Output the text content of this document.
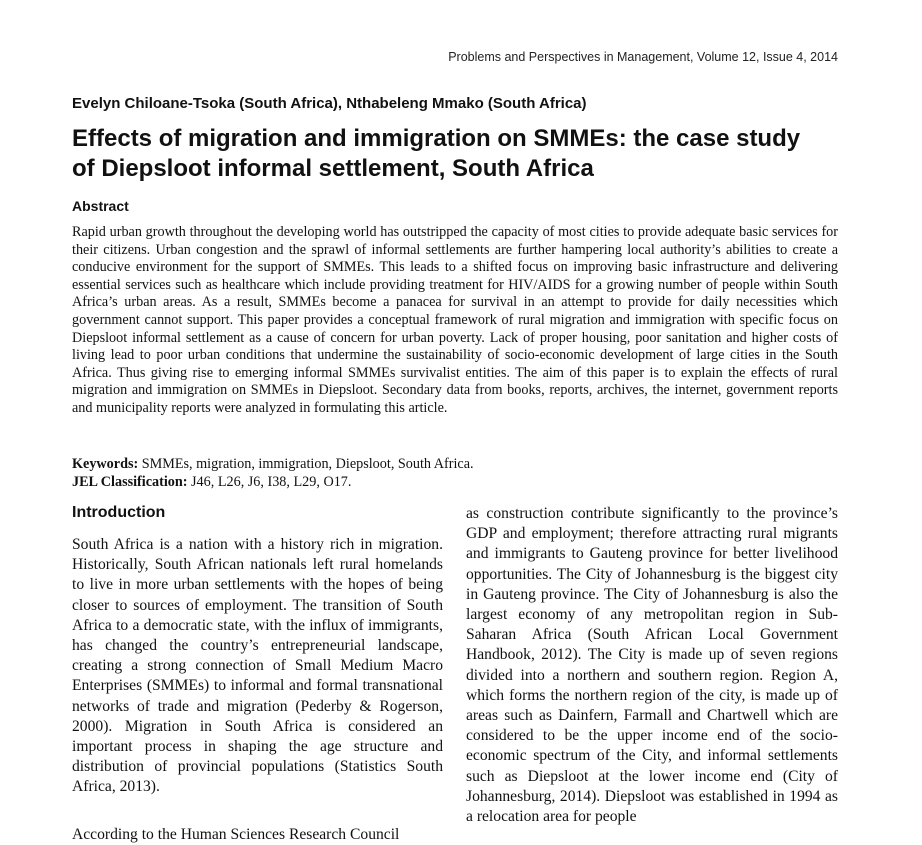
Problems and Perspectives in Management, Volume 12, Issue 4, 2014
Evelyn Chiloane-Tsoka (South Africa), Nthabeleng Mmako (South Africa)
Effects of migration and immigration on SMMEs: the case study
of Diepsloot informal settlement, South Africa
Abstract

Rapid urban growth throughout the developing world has outstripped the capacity of most cities to provide adequate basic services for their citizens. Urban congestion and the sprawl of informal settlements are further hampering local authority’s abilities to create a conducive environment for the support of SMMEs. This leads to a shifted focus on improving basic infrastructure and delivering essential services such as healthcare which include providing treatment for HIV/AIDS for a growing number of people within South Africa’s urban areas. As a result, SMMEs become a panacea for survival in an attempt to provide for daily necessities which government cannot support. This paper provides a conceptual framework of rural migration and immigration with specific focus on Diepsloot informal settlement as a cause of concern for urban poverty. Lack of proper housing, poor sanitation and higher costs of living lead to poor urban conditions that undermine the sustainability of socio-economic development of large cities in the South Africa. Thus giving rise to emerging informal SMMEs survivalist entities. The aim of this paper is to explain the effects of rural migration and immigration on SMMEs in Diepsloot. Secondary data from books, reports, archives, the internet, government reports and municipality reports were analyzed in formulating this article.

Keywords: SMMEs, migration, immigration, Diepsloot, South Africa.
JEL Classification: J46, L26, J6, I38, L29, O17.
Introduction

South Africa is a nation with a history rich in migration. Historically, South African nationals left rural homelands to live in more urban settlements with the hopes of being closer to sources of employment. The transition of South Africa to a democratic state, with the influx of immigrants, has changed the country’s entrepreneurial landscape, creating a strong connection of Small Medium Macro Enterprises (SMMEs) to informal and formal transnational networks of trade and migration (Pederby & Rogerson, 2000). Migration in South Africa is considered an important process in shaping the age structure and distribution of provincial populations (Statistics South Africa, 2013).

According to the Human Sciences Research Council

as construction contribute significantly to the province’s GDP and employment; therefore attracting rural migrants and immigrants to Gauteng province for better livelihood opportunities. The City of Johannesburg is the biggest city in Gauteng province. The City of Johannesburg is also the largest economy of any metropolitan region in Sub-Saharan Africa (South African Local Government Handbook, 2012). The City is made up of seven regions divided into a northern and southern region. Region A, which forms the northern region of the city, is made up of areas such as Dainfern, Farmall and Chartwell which are considered to be the upper income end of the socio-economic spectrum of the City, and informal settlements such as Diepsloot at the lower income end (City of Johannesburg, 2014). Diepsloot was established in 1994 as a relocation area for people
